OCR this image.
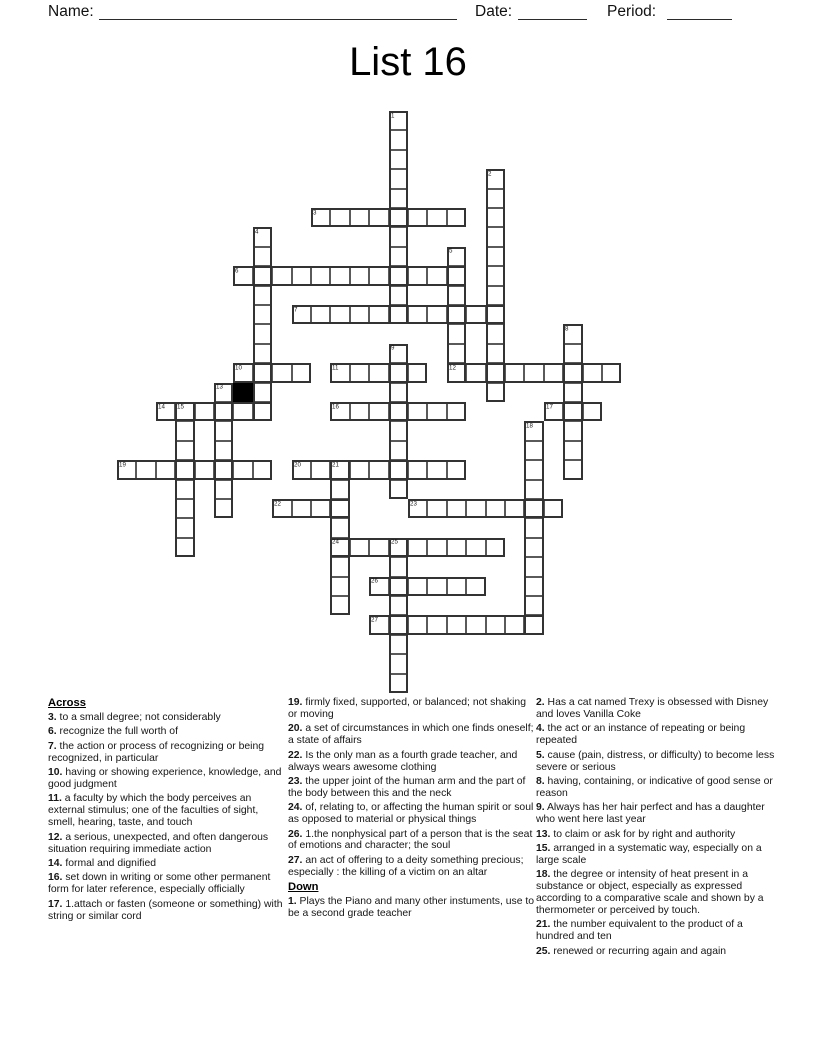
Name:	Date:	Period:
List 16
1
2
3
4
5
6
7
8
9
10	11	12
13
14 15	16	17
18
19	20	21
22	23
24	25
26
27
Across

3. to a small degree; not considerably

6. recognize the full worth of

7. the action or process of recognizing or being recognized, in particular

10. having or showing experience, knowledge, and good judgment

11. a faculty by which the body perceives an external stimulus; one of the faculties of sight, smell, hearing, taste, and touch

12. a serious, unexpected, and often dangerous situation requiring immediate action

14. formal and dignified

16. set down in writing or some other permanent form for later reference, especially officially

17. 1.attach or fasten (someone or something) with string or similar cord

19. firmly fixed, supported, or balanced; not shaking or moving

20. a set of circumstances in which one finds oneself; a state of affairs

22. Is the only man as a fourth grade teacher, and always wears awesome clothing

23. the upper joint of the human arm and the part of the body between this and the neck

24. of, relating to, or affecting the human spirit or soul as opposed to material or physical things

26. 1.the nonphysical part of a person that is the seat of emotions and character; the soul

27. an act of offering to a deity something precious; especially : the killing of a victim on an altar

Down

1. Plays the Piano and many other instuments, use to be a second grade teacher

2. Has a cat named Trexy is obsessed with Disney and loves Vanilla Coke

4. the act or an instance of repeating or being repeated

5. cause (pain, distress, or difficulty) to become less severe or serious

8. having, containing, or indicative of good sense or reason

9. Always has her hair perfect and has a daughter who went here last year

13. to claim or ask for by right and authority

15. arranged in a systematic way, especially on a large scale

18. the degree or intensity of heat present in a substance or object, especially as expressed according to a comparative scale and shown by a thermometer or perceived by touch.

21. the number equivalent to the product of a hundred and ten

25. renewed or recurring again and again
